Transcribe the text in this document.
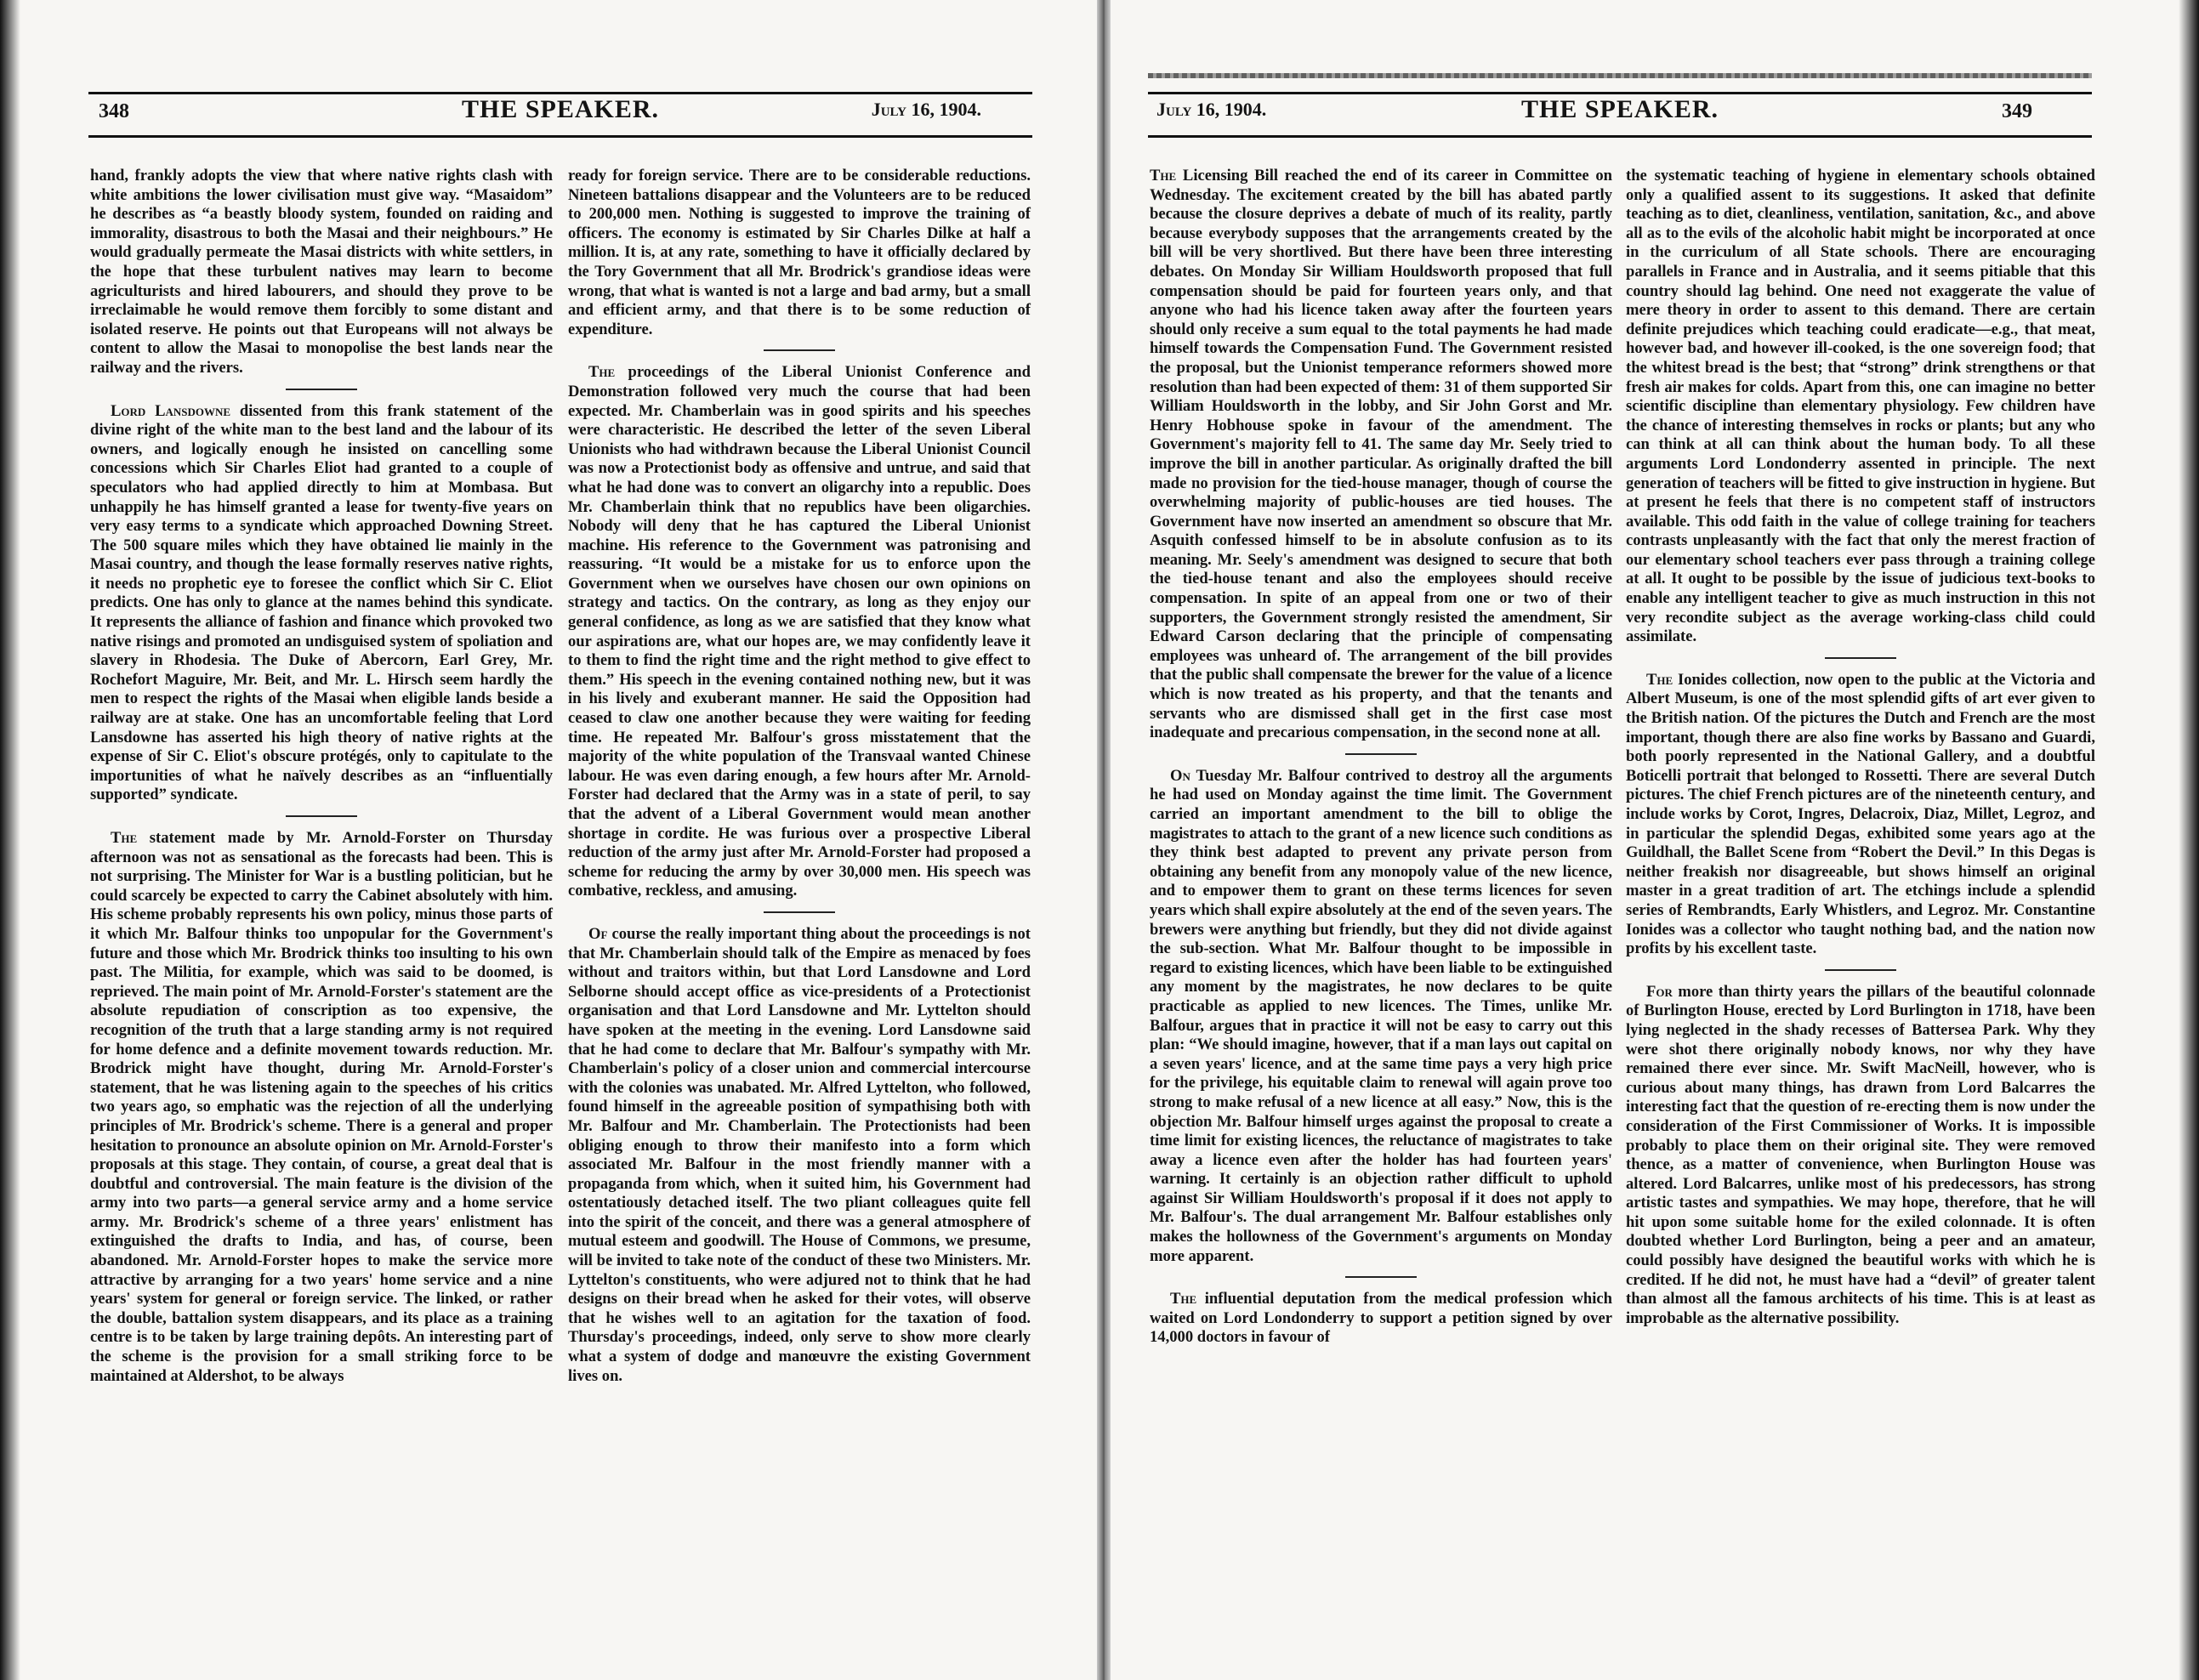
348	THE SPEAKER.	July 16, 1904.

hand, frankly adopts the view that where native rights clash with white ambitions the lower civilisation must give way. “Masaidom” he describes as “a beastly bloody system, founded on raiding and immorality, disastrous to both the Masai and their neighbours.” He would gradually permeate the Masai districts with white settlers, in the hope that these turbulent natives may learn to become agriculturists and hired labourers, and should they prove to be irreclaimable he would remove them forcibly to some distant and isolated reserve. He points out that Europeans will not always be content to allow the Masai to monopolise the best lands near the railway and the rivers.

Lord Lansdowne dissented from this frank statement of the divine right of the white man to the best land and the labour of its owners, and logically enough he insisted on cancelling some concessions which Sir Charles Eliot had granted to a couple of speculators who had applied directly to him at Mombasa. But unhappily he has himself granted a lease for twenty-five years on very easy terms to a syndicate which approached Downing Street. The 500 square miles which they have obtained lie mainly in the Masai country, and though the lease formally reserves native rights, it needs no prophetic eye to foresee the conflict which Sir C. Eliot predicts. One has only to glance at the names behind this syndicate. It represents the alliance of fashion and finance which provoked two native risings and promoted an undisguised system of spoliation and slavery in Rhodesia. The Duke of Abercorn, Earl Grey, Mr. Rochefort Maguire, Mr. Beit, and Mr. L. Hirsch seem hardly the men to respect the rights of the Masai when eligible lands beside a railway are at stake. One has an uncomfortable feeling that Lord Lansdowne has asserted his high theory of native rights at the expense of Sir C. Eliot's obscure protégés, only to capitulate to the importunities of what he naïvely describes as an “influentially supported” syndicate.

The statement made by Mr. Arnold-Forster on Thursday afternoon was not as sensational as the forecasts had been. This is not surprising. The Minister for War is a bustling politician, but he could scarcely be expected to carry the Cabinet absolutely with him. His scheme probably represents his own policy, minus those parts of it which Mr. Balfour thinks too unpopular for the Government's future and those which Mr. Brodrick thinks too insulting to his own past. The Militia, for example, which was said to be doomed, is reprieved. The main point of Mr. Arnold-Forster's statement are the absolute repudiation of conscription as too expensive, the recognition of the truth that a large standing army is not required for home defence and a definite movement towards reduction. Mr. Brodrick might have thought, during Mr. Arnold-Forster's statement, that he was listening again to the speeches of his critics two years ago, so emphatic was the rejection of all the underlying principles of Mr. Brodrick's scheme. There is a general and proper hesitation to pronounce an absolute opinion on Mr. Arnold-Forster's proposals at this stage. They contain, of course, a great deal that is doubtful and controversial. The main feature is the division of the army into two parts—a general service army and a home service army. Mr. Brodrick's scheme of a three years' enlistment has extinguished the drafts to India, and has, of course, been abandoned. Mr. Arnold-Forster hopes to make the service more attractive by arranging for a two years' home service and a nine years' system for general or foreign service. The linked, or rather the double, battalion system disappears, and its place as a training centre is to be taken by large training depôts. An interesting part of the scheme is the provision for a small striking force to be maintained at Aldershot, to be always

ready for foreign service. There are to be considerable reductions. Nineteen battalions disappear and the Volunteers are to be reduced to 200,000 men. Nothing is suggested to improve the training of officers. The economy is estimated by Sir Charles Dilke at half a million. It is, at any rate, something to have it officially declared by the Tory Government that all Mr. Brodrick's grandiose ideas were wrong, that what is wanted is not a large and bad army, but a small and efficient army, and that there is to be some reduction of expenditure.

The proceedings of the Liberal Unionist Conference and Demonstration followed very much the course that had been expected. Mr. Chamberlain was in good spirits and his speeches were characteristic. He described the letter of the seven Liberal Unionists who had withdrawn because the Liberal Unionist Council was now a Protectionist body as offensive and untrue, and said that what he had done was to convert an oligarchy into a republic. Does Mr. Chamberlain think that no republics have been oligarchies. Nobody will deny that he has captured the Liberal Unionist machine. His reference to the Government was patronising and reassuring. “It would be a mistake for us to enforce upon the Government when we ourselves have chosen our own opinions on strategy and tactics. On the contrary, as long as they enjoy our general confidence, as long as we are satisfied that they know what our aspirations are, what our hopes are, we may confidently leave it to them to find the right time and the right method to give effect to them.” His speech in the evening contained nothing new, but it was in his lively and exuberant manner. He said the Opposition had ceased to claw one another because they were waiting for feeding time. He repeated Mr. Balfour's gross misstatement that the majority of the white population of the Transvaal wanted Chinese labour. He was even daring enough, a few hours after Mr. Arnold-Forster had declared that the Army was in a state of peril, to say that the advent of a Liberal Government would mean another shortage in cordite. He was furious over a prospective Liberal reduction of the army just after Mr. Arnold-Forster had proposed a scheme for reducing the army by over 30,000 men. His speech was combative, reckless, and amusing.

Of course the really important thing about the proceedings is not that Mr. Chamberlain should talk of the Empire as menaced by foes without and traitors within, but that Lord Lansdowne and Lord Selborne should accept office as vice-presidents of a Protectionist organisation and that Lord Lansdowne and Mr. Lyttelton should have spoken at the meeting in the evening. Lord Lansdowne said that he had come to declare that Mr. Balfour's sympathy with Mr. Chamberlain's policy of a closer union and commercial intercourse with the colonies was unabated. Mr. Alfred Lyttelton, who followed, found himself in the agreeable position of sympathising both with Mr. Balfour and Mr. Chamberlain. The Protectionists had been obliging enough to throw their manifesto into a form which associated Mr. Balfour in the most friendly manner with a propaganda from which, when it suited him, his Government had ostentatiously detached itself. The two pliant colleagues quite fell into the spirit of the conceit, and there was a general atmosphere of mutual esteem and goodwill. The House of Commons, we presume, will be invited to take note of the conduct of these two Ministers. Mr. Lyttelton's constituents, who were adjured not to think that he had designs on their bread when he asked for their votes, will observe that he wishes well to an agitation for the taxation of food. Thursday's proceedings, indeed, only serve to show more clearly what a system of dodge and manœuvre the existing Government lives on.

July 16, 1904.	THE SPEAKER.	349

The Licensing Bill reached the end of its career in Committee on Wednesday. The excitement created by the bill has abated partly because the closure deprives a debate of much of its reality, partly because everybody supposes that the arrangements created by the bill will be very shortlived. But there have been three interesting debates. On Monday Sir William Houldsworth proposed that full compensation should be paid for fourteen years only, and that anyone who had his licence taken away after the fourteen years should only receive a sum equal to the total payments he had made himself towards the Compensation Fund. The Government resisted the proposal, but the Unionist temperance reformers showed more resolution than had been expected of them: 31 of them supported Sir William Houldsworth in the lobby, and Sir John Gorst and Mr. Henry Hobhouse spoke in favour of the amendment. The Government's majority fell to 41. The same day Mr. Seely tried to improve the bill in another particular. As originally drafted the bill made no provision for the tied-house manager, though of course the overwhelming majority of public-houses are tied houses. The Government have now inserted an amendment so obscure that Mr. Asquith confessed himself to be in absolute confusion as to its meaning. Mr. Seely's amendment was designed to secure that both the tied-house tenant and also the employees should receive compensation. In spite of an appeal from one or two of their supporters, the Government strongly resisted the amendment, Sir Edward Carson declaring that the principle of compensating employees was unheard of. The arrangement of the bill provides that the public shall compensate the brewer for the value of a licence which is now treated as his property, and that the tenants and servants who are dismissed shall get in the first case most inadequate and precarious compensation, in the second none at all.

On Tuesday Mr. Balfour contrived to destroy all the arguments he had used on Monday against the time limit. The Government carried an important amendment to the bill to oblige the magistrates to attach to the grant of a new licence such conditions as they think best adapted to prevent any private person from obtaining any benefit from any monopoly value of the new licence, and to empower them to grant on these terms licences for seven years which shall expire absolutely at the end of the seven years. The brewers were anything but friendly, but they did not divide against the sub-section. What Mr. Balfour thought to be impossible in regard to existing licences, which have been liable to be extinguished any moment by the magistrates, he now declares to be quite practicable as applied to new licences. The Times, unlike Mr. Balfour, argues that in practice it will not be easy to carry out this plan: “We should imagine, however, that if a man lays out capital on a seven years' licence, and at the same time pays a very high price for the privilege, his equitable claim to renewal will again prove too strong to make refusal of a new licence at all easy.” Now, this is the objection Mr. Balfour himself urges against the proposal to create a time limit for existing licences, the reluctance of magistrates to take away a licence even after the holder has had fourteen years' warning. It certainly is an objection rather difficult to uphold against Sir William Houldsworth's proposal if it does not apply to Mr. Balfour's. The dual arrangement Mr. Balfour establishes only makes the hollowness of the Government's arguments on Monday more apparent.

The influential deputation from the medical profession which waited on Lord Londonderry to support a petition signed by over 14,000 doctors in favour of

the systematic teaching of hygiene in elementary schools obtained only a qualified assent to its suggestions. It asked that definite teaching as to diet, cleanliness, ventilation, sanitation, &c., and above all as to the evils of the alcoholic habit might be incorporated at once in the curriculum of all State schools. There are encouraging parallels in France and in Australia, and it seems pitiable that this country should lag behind. One need not exaggerate the value of mere theory in order to assent to this demand. There are certain definite prejudices which teaching could eradicate—e.g., that meat, however bad, and however ill-cooked, is the one sovereign food; that the whitest bread is the best; that “strong” drink strengthens or that fresh air makes for colds. Apart from this, one can imagine no better scientific discipline than elementary physiology. Few children have the chance of interesting themselves in rocks or plants; but any who can think at all can think about the human body. To all these arguments Lord Londonderry assented in principle. The next generation of teachers will be fitted to give instruction in hygiene. But at present he feels that there is no competent staff of instructors available. This odd faith in the value of college training for teachers contrasts unpleasantly with the fact that only the merest fraction of our elementary school teachers ever pass through a training college at all. It ought to be possible by the issue of judicious text-books to enable any intelligent teacher to give as much instruction in this not very recondite subject as the average working-class child could assimilate.

The Ionides collection, now open to the public at the Victoria and Albert Museum, is one of the most splendid gifts of art ever given to the British nation. Of the pictures the Dutch and French are the most important, though there are also fine works by Bassano and Guardi, both poorly represented in the National Gallery, and a doubtful Boticelli portrait that belonged to Rossetti. There are several Dutch pictures. The chief French pictures are of the nineteenth century, and include works by Corot, Ingres, Delacroix, Diaz, Millet, Legroz, and in particular the splendid Degas, exhibited some years ago at the Guildhall, the Ballet Scene from “Robert the Devil.” In this Degas is neither freakish nor disagreeable, but shows himself an original master in a great tradition of art. The etchings include a splendid series of Rembrandts, Early Whistlers, and Legroz. Mr. Constantine Ionides was a collector who taught nothing bad, and the nation now profits by his excellent taste.

For more than thirty years the pillars of the beautiful colonnade of Burlington House, erected by Lord Burlington in 1718, have been lying neglected in the shady recesses of Battersea Park. Why they were shot there originally nobody knows, nor why they have remained there ever since. Mr. Swift MacNeill, however, who is curious about many things, has drawn from Lord Balcarres the interesting fact that the question of re-erecting them is now under the consideration of the First Commissioner of Works. It is impossible probably to place them on their original site. They were removed thence, as a matter of convenience, when Burlington House was altered. Lord Balcarres, unlike most of his predecessors, has strong artistic tastes and sympathies. We may hope, therefore, that he will hit upon some suitable home for the exiled colonnade. It is often doubted whether Lord Burlington, being a peer and an amateur, could possibly have designed the beautiful works with which he is credited. If he did not, he must have had a “devil” of greater talent than almost all the famous architects of his time. This is at least as improbable as the alternative possibility.
